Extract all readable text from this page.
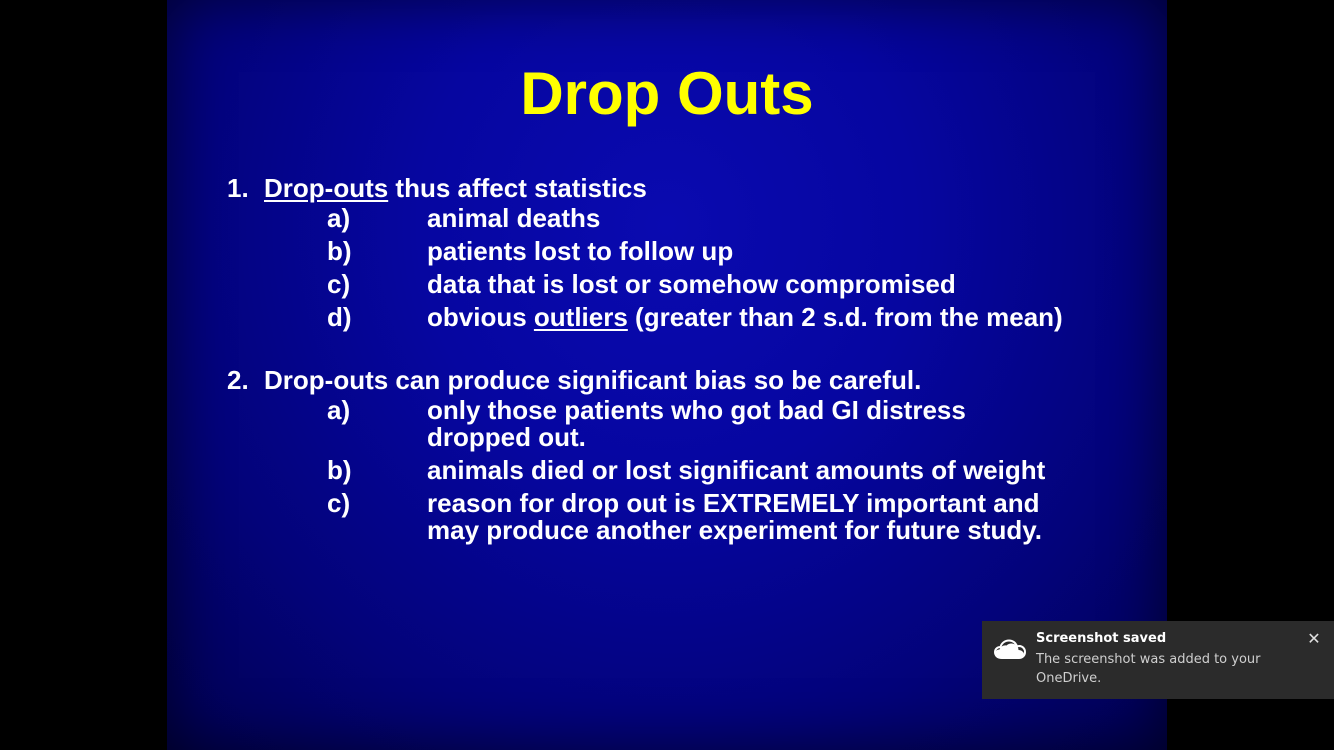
Drop Outs
1. Drop-outs thus affect statistics
a)	animal deaths
b)	patients lost to follow up
c)	data that is lost or somehow compromised
d)	obvious outliers (greater than 2 s.d. from the mean)
2. Drop-outs can produce significant bias so be careful.
a)	only those patients who got bad GI distress
dropped out.
b)	animals died or lost significant amounts of weight
c)	reason for drop out is EXTREMELY important and
may produce another experiment for future study.
Screenshot saved
The screenshot was added to your OneDrive.
✕
